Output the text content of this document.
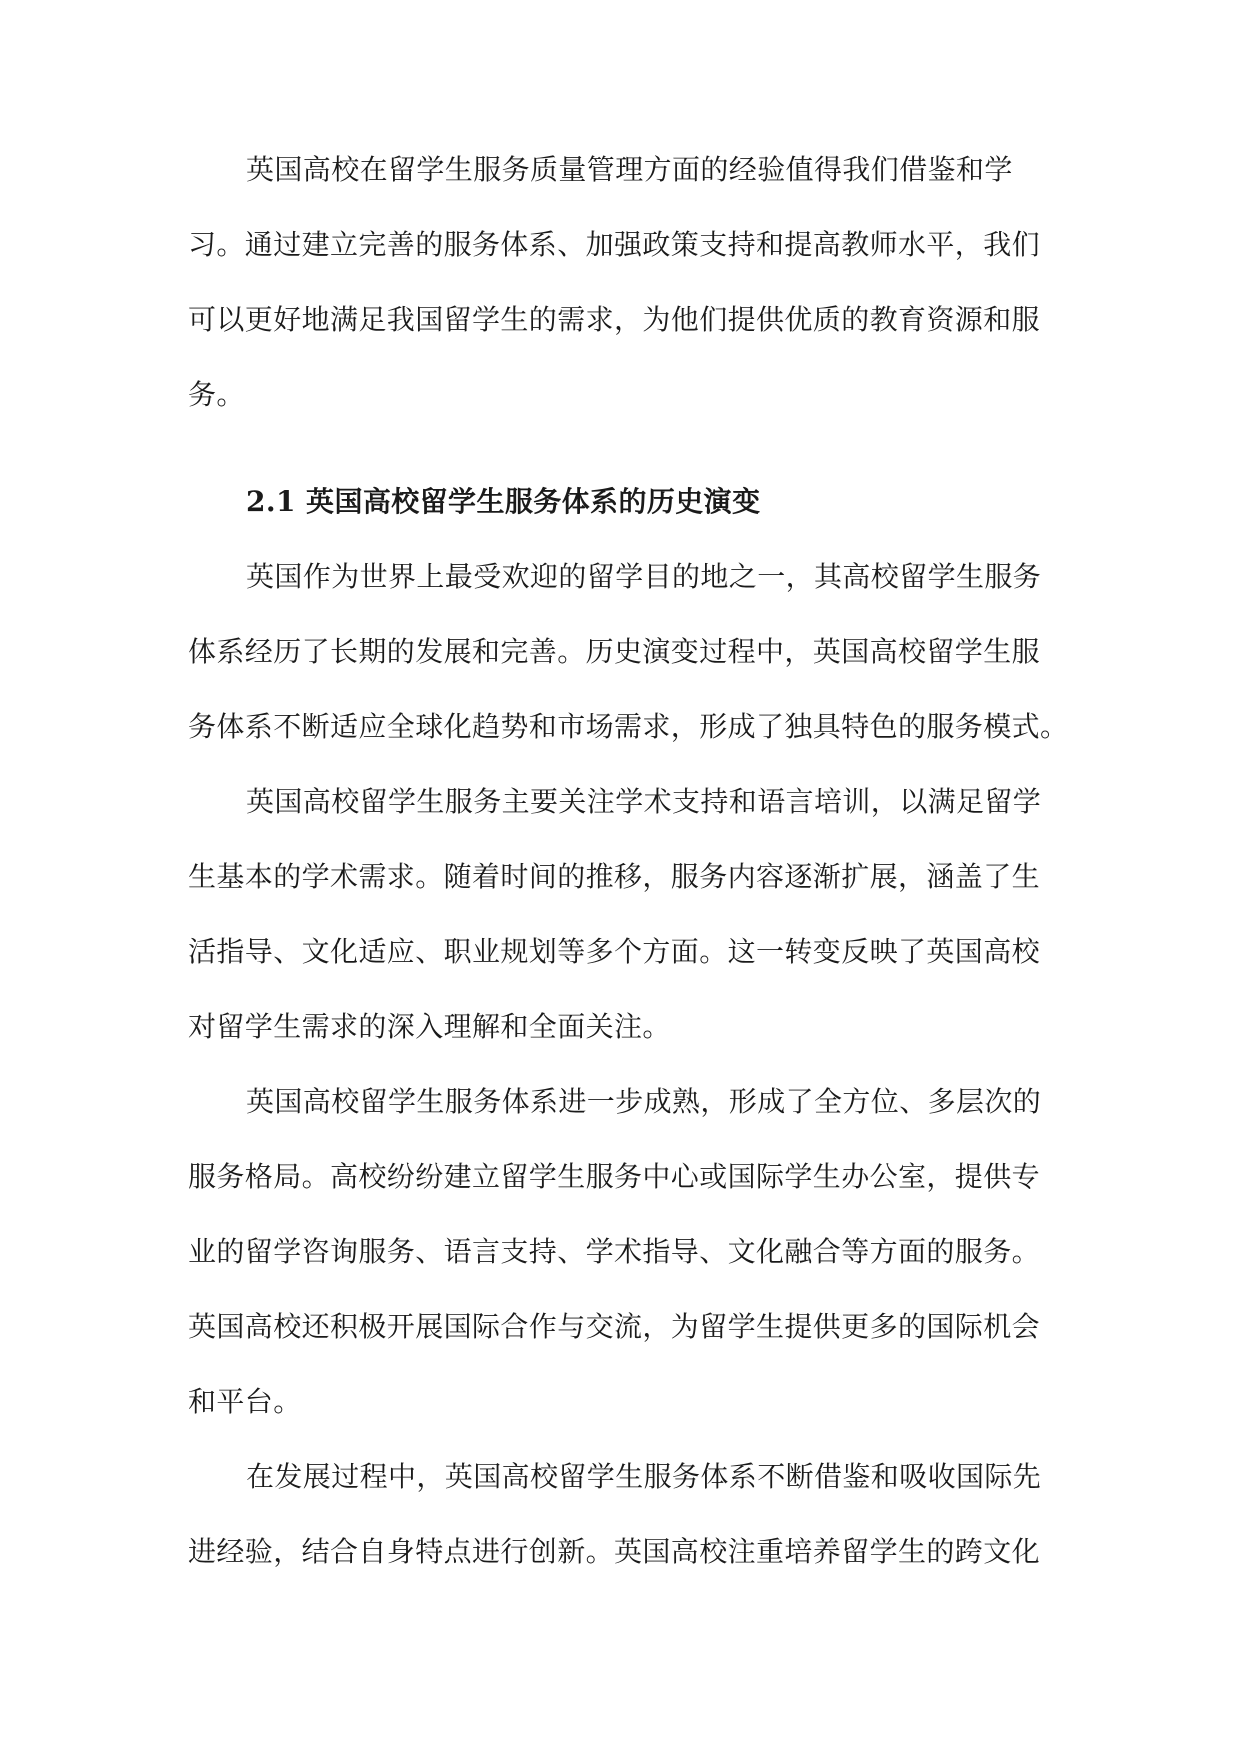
英国高校在留学生服务质量管理方面的经验值得我们借鉴和学
习。通过建立完善的服务体系、加强政策支持和提高教师水平，我们
可以更好地满足我国留学生的需求，为他们提供优质的教育资源和服
务。
2.1 英国高校留学生服务体系的历史演变
英国作为世界上最受欢迎的留学目的地之一，其高校留学生服务
体系经历了长期的发展和完善。历史演变过程中，英国高校留学生服
务体系不断适应全球化趋势和市场需求，形成了独具特色的服务模式。
英国高校留学生服务主要关注学术支持和语言培训，以满足留学
生基本的学术需求。随着时间的推移，服务内容逐渐扩展，涵盖了生
活指导、文化适应、职业规划等多个方面。这一转变反映了英国高校
对留学生需求的深入理解和全面关注。
英国高校留学生服务体系进一步成熟，形成了全方位、多层次的
服务格局。高校纷纷建立留学生服务中心或国际学生办公室，提供专
业的留学咨询服务、语言支持、学术指导、文化融合等方面的服务。
英国高校还积极开展国际合作与交流，为留学生提供更多的国际机会
和平台。
在发展过程中，英国高校留学生服务体系不断借鉴和吸收国际先
进经验，结合自身特点进行创新。英国高校注重培养留学生的跨文化
